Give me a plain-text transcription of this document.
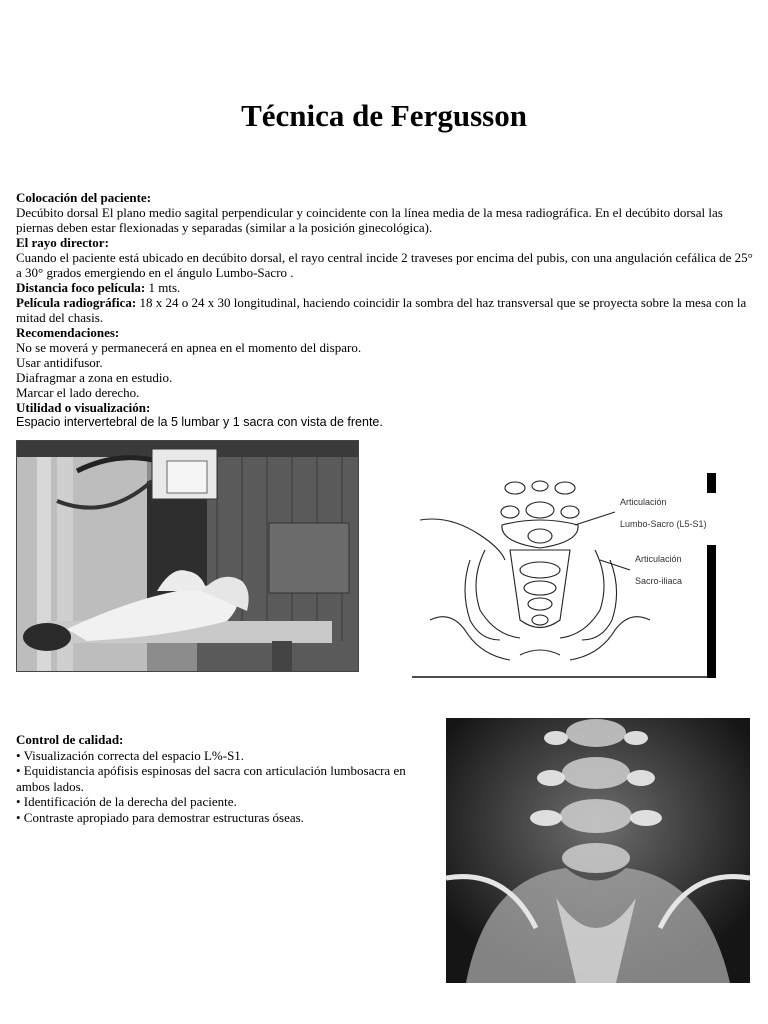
Técnica de Fergusson

Colocación del paciente:

Decúbito dorsal El plano medio sagital perpendicular y coincidente con la línea media de la mesa radiográfica. En el decúbito dorsal las piernas deben estar flexionadas y separadas (similar a la posición ginecológica).

El rayo director:

Cuando el paciente está ubicado en decúbito dorsal, el rayo central incide 2 traveses por encima del pubis, con una angulación cefálica de 25° a 30° grados emergiendo en el ángulo Lumbo-Sacro .

Distancia foco película: 1 mts.

Película radiográfica: 18 x 24 o 24 x 30 longitudinal, haciendo coincidir la sombra del haz transversal que se proyecta sobre la mesa con la mitad del chasis.

Recomendaciones:

No se moverá y permanecerá en apnea en el momento del disparo.

Usar antidifusor.

Diafragmar a zona en estudio.

Marcar el lado derecho.

Utilidad o visualización:

Espacio intervertebral de la 5 lumbar y 1 sacra con vista de frente.

Articulación
Lumbo-Sacro (L5-S1)
Articulación
Sacro-iliaca

Control de calidad:

• Visualización correcta del espacio L%-S1.

• Equidistancia apófisis espinosas del sacra con articulación lumbosacra en ambos lados.

• Identificación de la derecha del paciente.

• Contraste apropiado para demostrar estructuras óseas.
